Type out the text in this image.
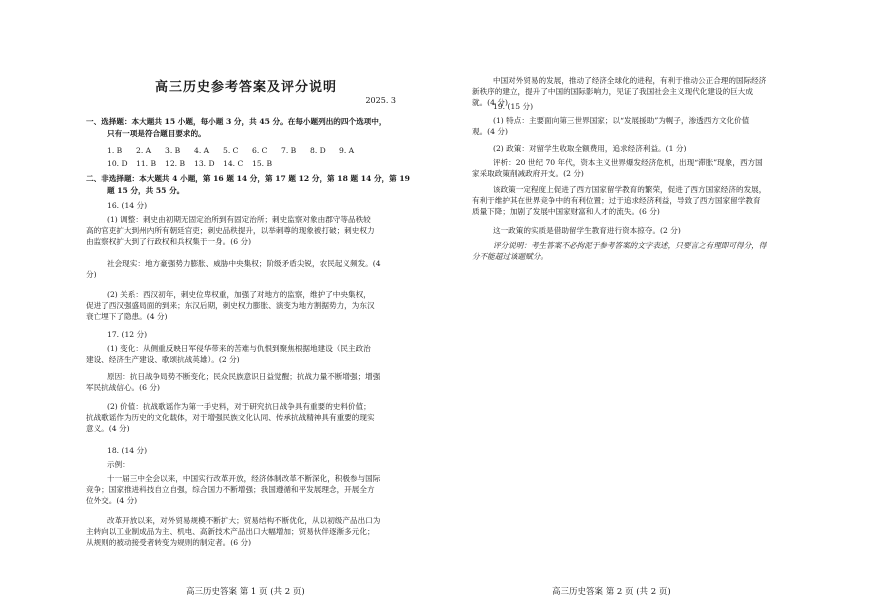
高三历史参考答案及评分说明
2025. 3

一、选择题：本大题共 15 小题，每小题 3 分，共 45 分。在每小题列出的四个选项中，

只有一项是符合题目要求的。

1. B	2. A	3. B	4. A	5. C	6. C	7. B	8. D	9. A
10. D	11. B	12. B	13. D	14. C	15. B

二、非选择题：本大题共 4 小题，第 16 题 14 分，第 17 题 12 分，第 18 题 14 分，第 19

题 15 分，共 55 分。

16. (14 分)

(1) 调整：刺史由初期无固定治所到有固定治所；刺史监察对象由郡守等品秩较
高的官吏扩大到州内所有朝廷官吏；刺史品秩提升，以举刺尊的现象被打破；刺史权力
由监察权扩大到了行政权和兵权集于一身。(6 分)

社会现实：地方豪强势力膨胀、威胁中央集权；阶级矛盾尖锐，农民起义频发。(4
分)

(2) 关系：西汉初年，刺史位卑权重，加强了对地方的监察，维护了中央集权，
促进了西汉强盛局面的到来；东汉后期，刺史权力膨胀、演变为地方割据势力，为东汉
衰亡埋下了隐患。(4 分)

17. (12 分)

(1) 变化：从侧重反映日军侵华带来的苦难与仇恨到聚焦根据地建设（民主政治
建设、经济生产建设、歌颂抗战英雄）。(2 分)

原因：抗日战争局势不断变化；民众民族意识日益觉醒；抗战力量不断增强；增强
军民抗战信心。(6 分)

(2) 价值：抗战歌谣作为第一手史料，对于研究抗日战争具有重要的史料价值；
抗战歌谣作为历史的文化载体，对于增强民族文化认同、传承抗战精神具有重要的现实
意义。(4 分)

18. (14 分)

示例：

十一届三中全会以来，中国实行改革开放，经济体制改革不断深化，积极参与国际
竞争；国家推进科技自立自强，综合国力不断增强；我国遵循和平发展理念，开展全方
位外交。(4 分)

改革开放以来，对外贸易规模不断扩大；贸易结构不断优化，从以初级产品出口为
主转向以工业制成品为主、机电、高新技术产品出口大幅增加；贸易伙伴逐渐多元化；
从规则的被动接受者转变为规则的制定者。(6 分)

高三历史答案 第 1 页 (共 2 页)

中国对外贸易的发展，推动了经济全球化的进程，有利于推动公正合理的国际经济
新秩序的建立，提升了中国的国际影响力，见证了我国社会主义现代化建设的巨大成
就。(4 分)

19. (15 分)

(1) 特点：主要面向第三世界国家；以“发展援助”为幌子，渗透西方文化价值
观。(4 分)

(2) 政策：对留学生收取全额费用，追求经济利益。(1 分)

评析：20 世纪 70 年代，资本主义世界爆发经济危机，出现“滞胀”现象，西方国
家采取政策削减政府开支。(2 分)

该政策一定程度上促进了西方国家留学教育的繁荣，促进了西方国家经济的发展，
有利于维护其在世界竞争中的有利位置；过于追求经济利益，导致了西方国家留学教育
质量下降；加剧了发展中国家财富和人才的流失。(6 分)

这一政策的实质是借助留学生教育进行资本掠夺。(2 分)

评分说明：考生答案不必拘泥于参考答案的文字表述，只要言之有理即可得分，得
分不能超过该题赋分。

高三历史答案 第 2 页 (共 2 页)
